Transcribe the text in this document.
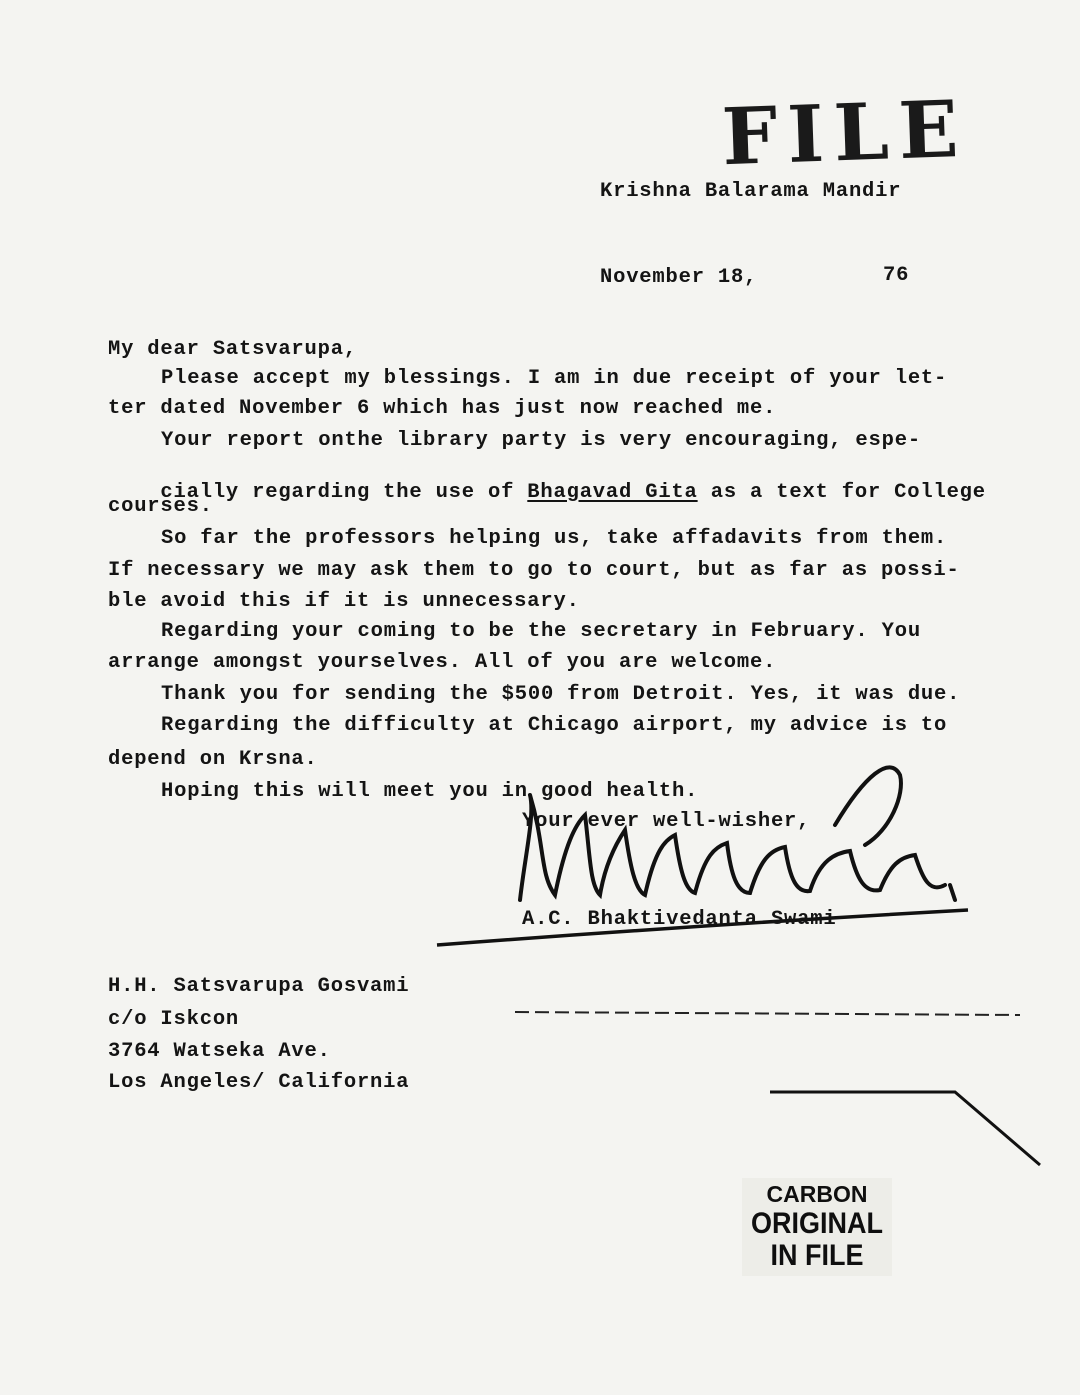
FILE
Krishna Balarama Mandir
November 18,	76
My dear Satsvarupa,
Please accept my blessings. I am in due receipt of your let-
ter dated November 6 which has just now reached me.
Your report onthe library party is very encouraging, espe-

cially regarding the use of Bhagavad Gita as a text for College

courses.
So far the professors helping us, take affadavits from them.
If necessary we may ask them to go to court, but as far as possi-
ble avoid this if it is unnecessary.
Regarding your coming to be the secretary in February. You
arrange amongst yourselves. All of you are welcome.
Thank you for sending the $500 from Detroit. Yes, it was due.
Regarding the difficulty at Chicago airport, my advice is to
depend on Krsna.
Hoping this will meet you in good health.
Your ever well-wisher,
A.C. Bhaktivedanta Swami
H.H. Satsvarupa Gosvami
c/o Iskcon
3764 Watseka Ave.
Los Angeles/ California
CARBON
ORIGINAL
IN FILE
